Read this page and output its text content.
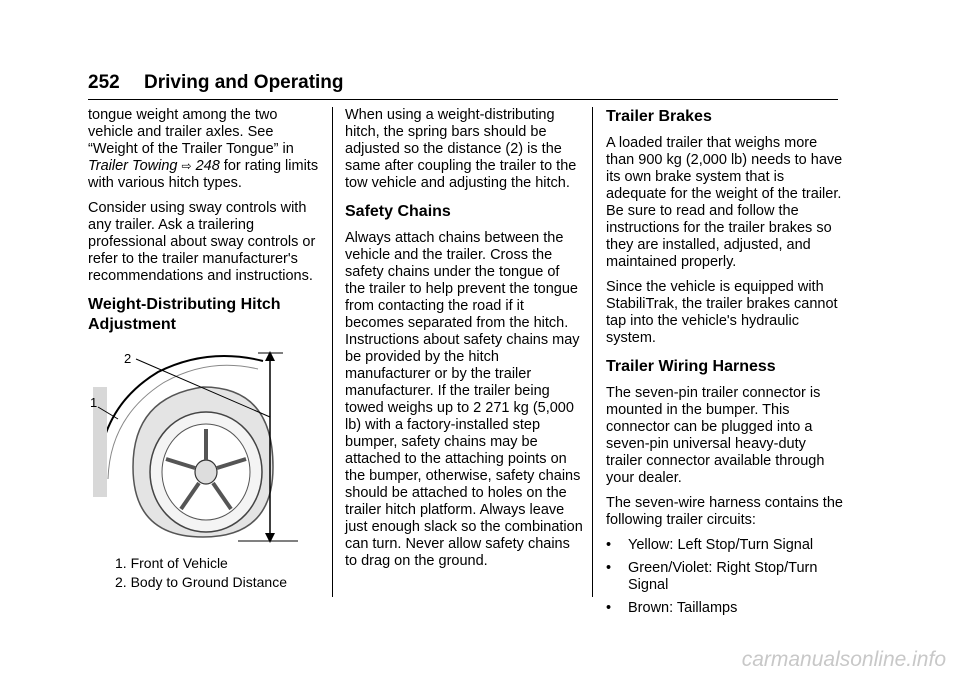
252 Driving and Operating

tongue weight among the two vehicle and trailer axles. See “Weight of the Trailer Tongue” in Trailer Towing ⇨ 248 for rating limits with various hitch types.

Consider using sway controls with any trailer. Ask a trailering professional about sway controls or refer to the trailer manufacturer's recommendations and instructions.

Weight-Distributing Hitch Adjustment
2
1
1. Front of Vehicle
2. Body to Ground Distance

When using a weight-distributing hitch, the spring bars should be adjusted so the distance (2) is the same after coupling the trailer to the tow vehicle and adjusting the hitch.

Safety Chains

Always attach chains between the vehicle and the trailer. Cross the safety chains under the tongue of the trailer to help prevent the tongue from contacting the road if it becomes separated from the hitch. Instructions about safety chains may be provided by the hitch manufacturer or by the trailer manufacturer. If the trailer being towed weighs up to 2 271 kg (5,000 lb) with a factory-installed step bumper, safety chains may be attached to the attaching points on the bumper, otherwise, safety chains should be attached to holes on the trailer hitch platform. Always leave just enough slack so the combination can turn. Never allow safety chains to drag on the ground.

Trailer Brakes

A loaded trailer that weighs more than 900 kg (2,000 lb) needs to have its own brake system that is adequate for the weight of the trailer. Be sure to read and follow the instructions for the trailer brakes so they are installed, adjusted, and maintained properly.

Since the vehicle is equipped with StabiliTrak, the trailer brakes cannot tap into the vehicle's hydraulic system.

Trailer Wiring Harness

The seven-pin trailer connector is mounted in the bumper. This connector can be plugged into a seven-pin universal heavy-duty trailer connector available through your dealer.

The seven-wire harness contains the following trailer circuits:

•	Yellow: Left Stop/Turn Signal
•	Green/Violet: Right Stop/Turn Signal
•	Brown: Taillamps
carmanualsonline.info
